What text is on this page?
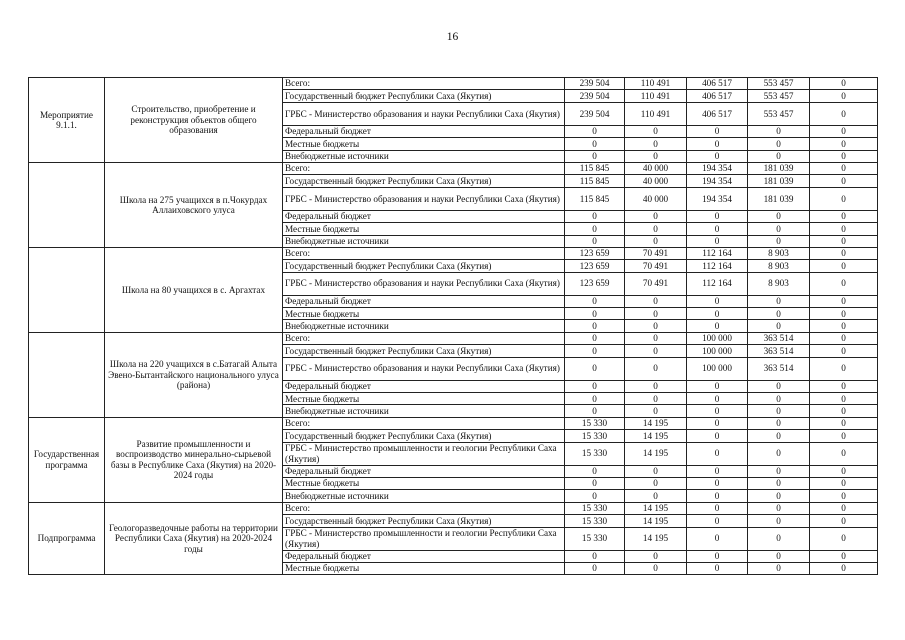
16
Мероприятие 9.1.1.	Строительство, приобретение и реконструкция объектов общего образования	Всего:	239 504	110 491	406 517	553 457	0
		Государственный бюджет Республики Саха (Якутия)	239 504	110 491	406 517	553 457	0
		ГРБС - Министерство образования и науки Республики Саха (Якутия)	239 504	110 491	406 517	553 457	0
		Федеральный бюджет	0	0	0	0	0
		Местные бюджеты	0	0	0	0	0
		Внебюджетные источники	0	0	0	0	0
	Школа на 275 учащихся в п.Чокурдах Аллаиховского улуса	Всего:	115 845	40 000	194 354	181 039	0
		Государственный бюджет Республики Саха (Якутия)	115 845	40 000	194 354	181 039	0
		ГРБС - Министерство образования и науки Республики Саха (Якутия)	115 845	40 000	194 354	181 039	0
		Федеральный бюджет	0	0	0	0	0
		Местные бюджеты	0	0	0	0	0
		Внебюджетные источники	0	0	0	0	0
	Школа на 80 учащихся в с. Аргахтах	Всего:	123 659	70 491	112 164	8 903	0
		Государственный бюджет Республики Саха (Якутия)	123 659	70 491	112 164	8 903	0
		ГРБС - Министерство образования и науки Республики Саха (Якутия)	123 659	70 491	112 164	8 903	0
		Федеральный бюджет	0	0	0	0	0
		Местные бюджеты	0	0	0	0	0
		Внебюджетные источники	0	0	0	0	0
	Школа на 220 учащихся в с.Батагай Алыта Эвено-Бытантайского национального улуса (района)	Всего:	0	0	100 000	363 514	0
		Государственный бюджет Республики Саха (Якутия)	0	0	100 000	363 514	0
		ГРБС - Министерство образования и науки Республики Саха (Якутия)	0	0	100 000	363 514	0
		Федеральный бюджет	0	0	0	0	0
		Местные бюджеты	0	0	0	0	0
		Внебюджетные источники	0	0	0	0	0
Государственная программа	Развитие промышленности и воспроизводство минерально-сырьевой базы в Республике Саха (Якутия) на 2020-2024 годы	Всего:	15 330	14 195	0	0	0
		Государственный бюджет Республики Саха (Якутия)	15 330	14 195	0	0	0
		ГРБС - Министерство промышленности и геологии Республики Саха (Якутия)	15 330	14 195	0	0	0
		Федеральный бюджет	0	0	0	0	0
		Местные бюджеты	0	0	0	0	0
		Внебюджетные источники	0	0	0	0	0
Подпрограмма	Геологоразведочные работы на территории Республики Саха (Якутия) на 2020-2024 годы	Всего:	15 330	14 195	0	0	0
		Государственный бюджет Республики Саха (Якутия)	15 330	14 195	0	0	0
		ГРБС - Министерство промышленности и геологии Республики Саха (Якутия)	15 330	14 195	0	0	0
		Федеральный бюджет	0	0	0	0	0
		Местные бюджеты	0	0	0	0	0
